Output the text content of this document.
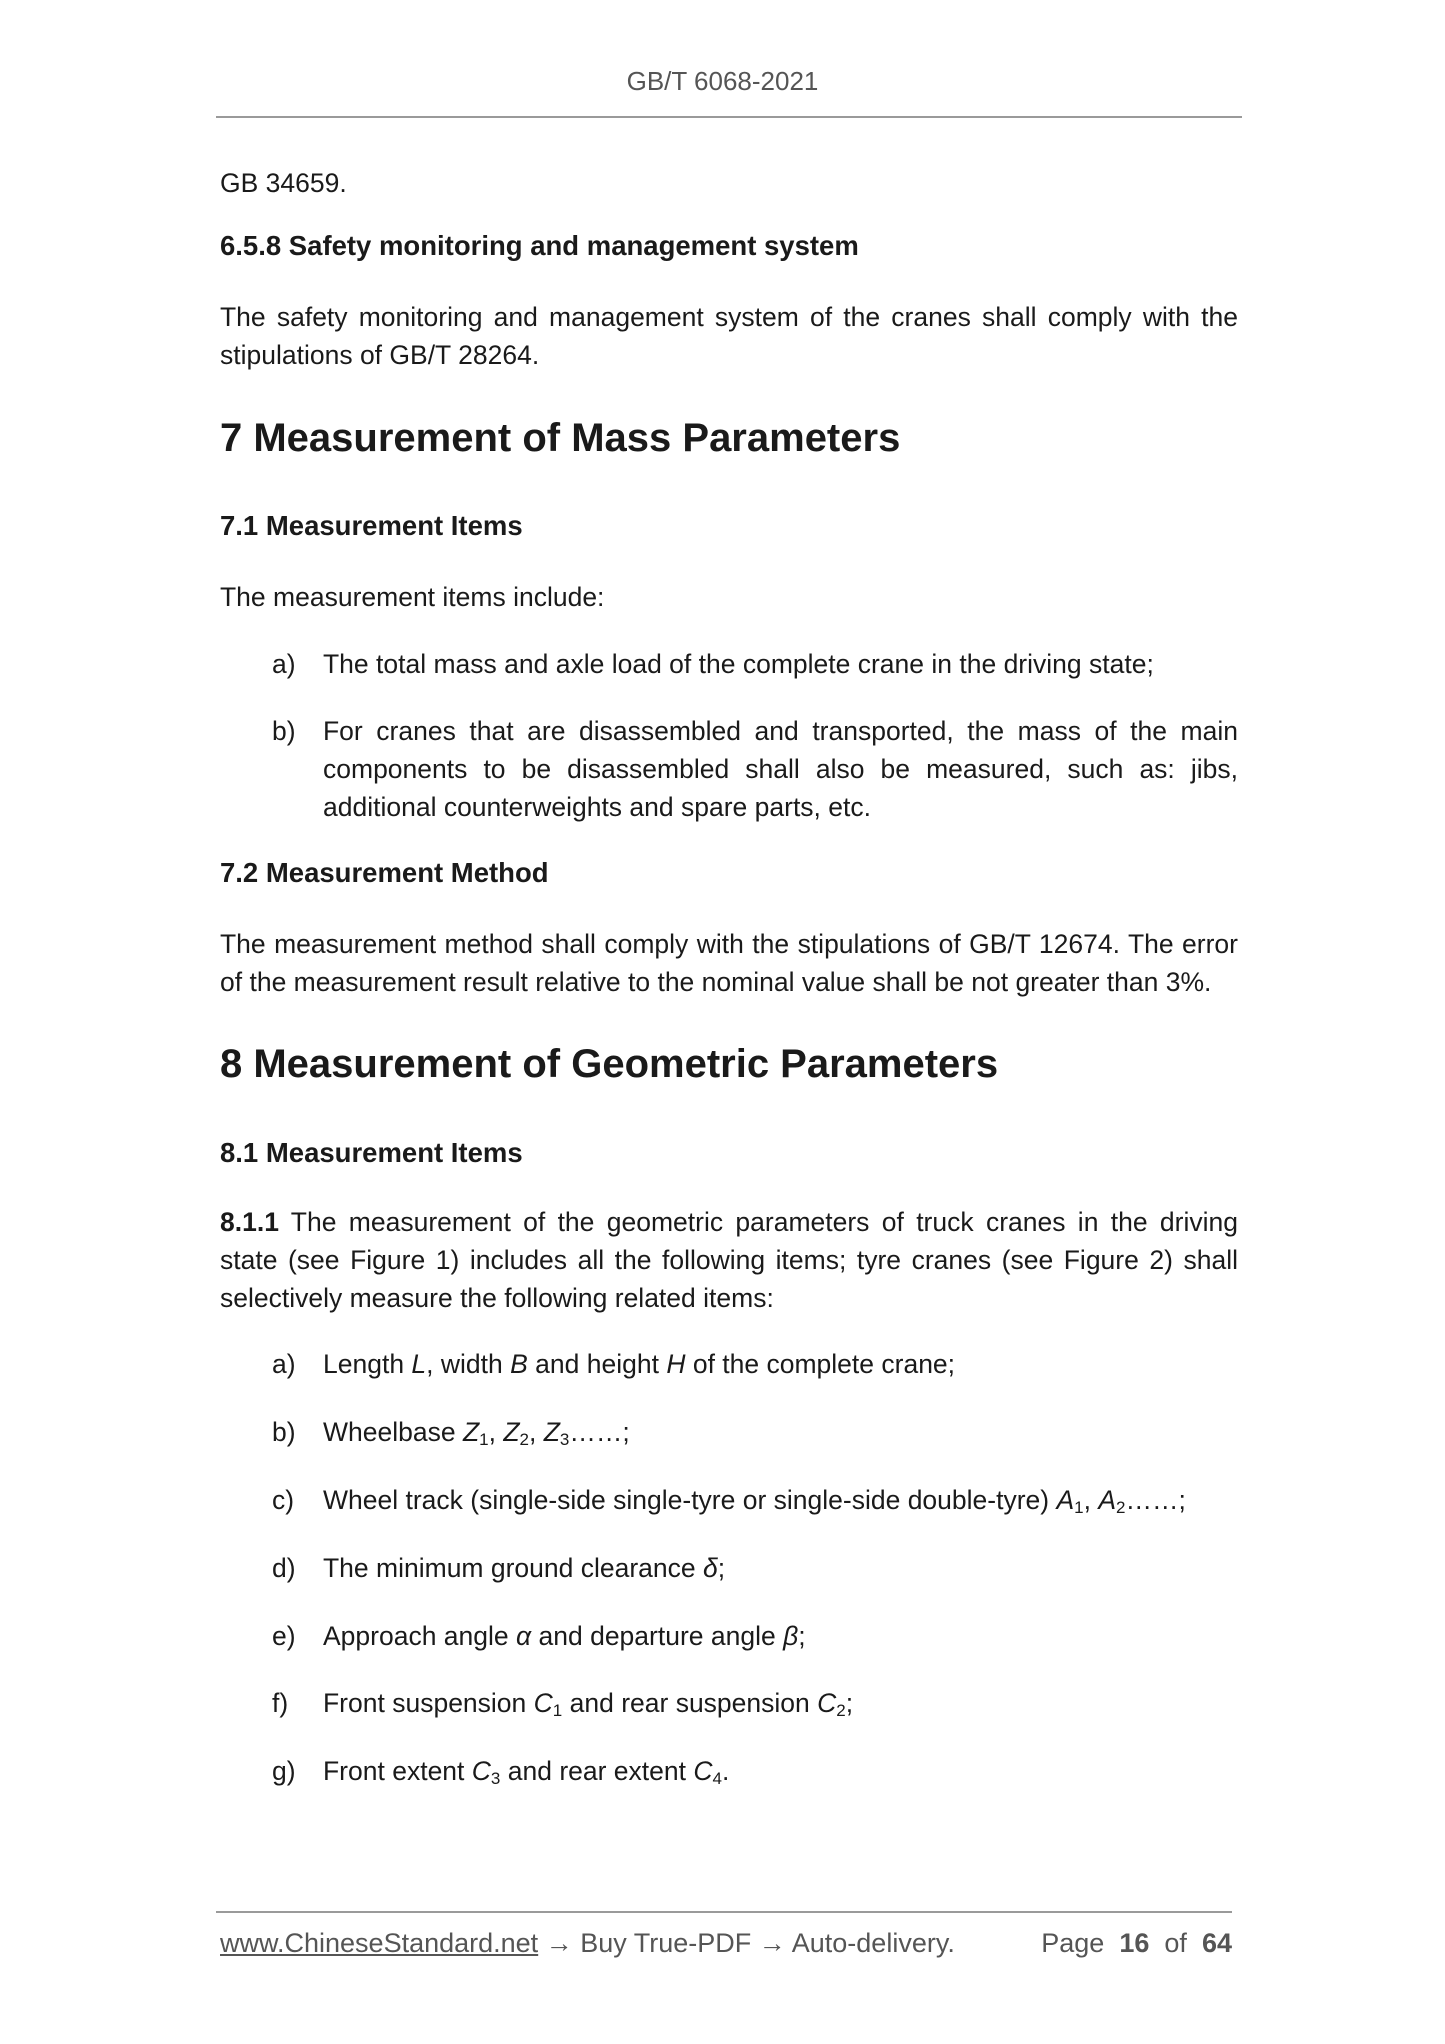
GB/T 6068-2021
GB 34659.
6.5.8 Safety monitoring and management system
The safety monitoring and management system of the cranes shall comply with the stipulations of GB/T 28264.
7 Measurement of Mass Parameters
7.1 Measurement Items
The measurement items include:
a)	The total mass and axle load of the complete crane in the driving state;
b)	For cranes that are disassembled and transported, the mass of the main components to be disassembled shall also be measured, such as: jibs, additional counterweights and spare parts, etc.
7.2 Measurement Method
The measurement method shall comply with the stipulations of GB/T 12674. The error of the measurement result relative to the nominal value shall be not greater than 3%.
8 Measurement of Geometric Parameters
8.1 Measurement Items
8.1.1 The measurement of the geometric parameters of truck cranes in the driving state (see Figure 1) includes all the following items; tyre cranes (see Figure 2) shall selectively measure the following related items:
a)	Length L, width B and height H of the complete crane;
b)	Wheelbase $Z_1$, $Z_2$, $Z_3\dots\dots$;
c)	Wheel track (single-side single-tyre or single-side double-tyre) $A_1$, $A_2\dots\dots$;
d)	The minimum ground clearance δ;
e)	Approach angle α and departure angle β;
f)	Front suspension $C_1$ and rear suspension $C_2$;
g)	Front extent $C_3$ and rear extent $C_4$.
www.ChineseStandard.net → Buy True-PDF → Auto-delivery.	Page 16 of 64
